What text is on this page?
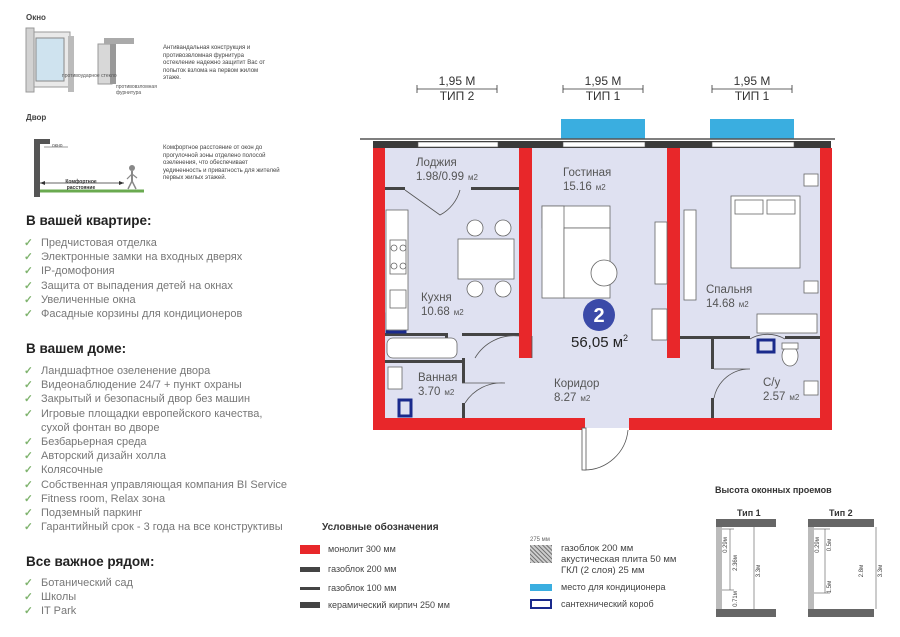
Окно
противоударное стекло
противовзломная фурнитура
Антивандальная конструкция и противозвломная фурнитура остекление надежно защитит Вас от попыток взлома на первом жилом этаже.
Двор
окно
Комфортное расстояние
Комфортное расстояние от окон до прогулочной зоны отделено полосой озеленения, что обеспечивает уединенность и приватность для жителей первых жилых этажей.
В вашей квартире:
✓ Предчистовая отделка
✓ Электронные замки на входных дверях
✓ IP-домофония
✓ Защита от выпадения детей на окнах
✓ Увеличенные окна
✓ Фасадные корзины для кондиционеров
В вашем доме:
✓ Ландшафтное озеленение двора
✓ Видеонаблюдение 24/7 + пункт охраны
✓ Закрытый и безопасный двор без машин
✓ Игровые площадки европейского качества,
сухой фонтан во дворе
✓ Безбарьерная среда
✓ Авторский дизайн холла
✓ Колясочные
✓ Собственная управляющая компания BI Service
✓ Fitness room, Relax зона
✓ Подземный паркинг
✓ Гарантийный срок - 3 года на все конструктивы
Все важное рядом:
✓ Ботанический сад
✓ Школы
✓ IT Park
1,95 М
ТИП 2
1,95 М
ТИП 1
1,95 М
ТИП 1
Лоджия
1.98/0.99 м2	Гостиная
15.16 м2
Кухня
10.68 м2
Спальня
14.68 м2
Ванная
3.70 м2
Коридор
8.27 м2
С/у
2.57 м2
2
56,05 $м^2$
Условные обозначения
монолит 300 мм
газоблок 200 мм
газоблок 100 мм
керамический кирпич 250 мм
275 мм
газоблок 200 мм
акустическая плита 50 мм
ГКЛ (2 слоя) 25 мм
место для кондиционера
сантехнический короб
Высота оконных проемов
Тип 1	Тип 2
0.29м
2.36м
0.71м
3.3м
0.29м 0.5м
1.5м
2.8м 3.3м
